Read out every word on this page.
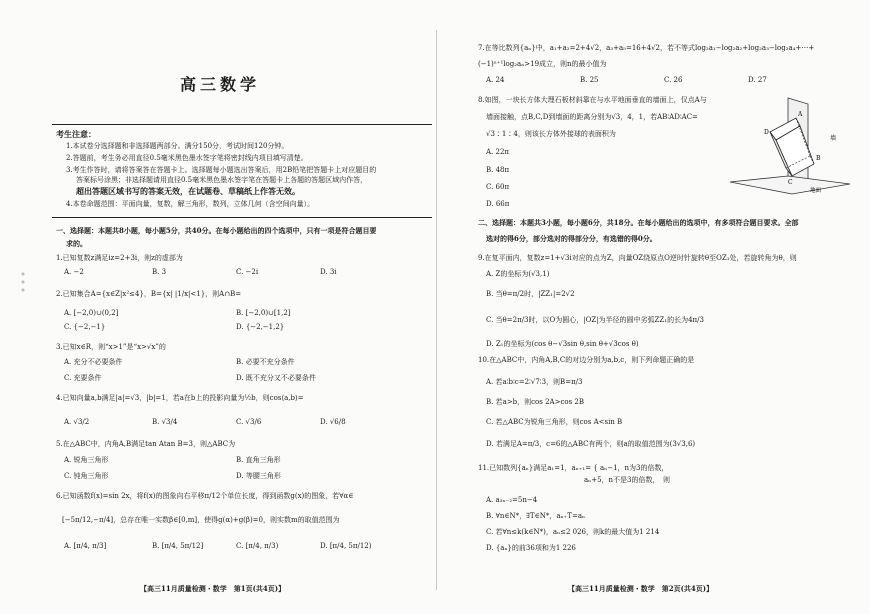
高三数学
考生注意：
1.本试卷分选择题和非选择题两部分。满分150分，考试时间120分钟。
2.答题前，考生务必用直径0.5毫米黑色墨水签字笔将密封线内项目填写清楚。
3.考生作答时，请将答案答在答题卡上。选择题每小题选出答案后，用2B铅笔把答题卡上对应题目的
答案标号涂黑；非选择题请用直径0.5毫米黑色墨水签字笔在答题卡上各题的答题区域内作答，
超出答题区域书写的答案无效，在试题卷、草稿纸上作答无效。
4.本卷命题范围：平面向量，复数，解三角形，数列，立体几何（含空间向量）。
一、选择题：本题共8小题，每小题5分，共40分。在每小题给出的四个选项中，只有一项是符合题目要
求的。
1.已知复数z满足iz=2+3i，则z的虚部为
A. −2	B. 3	C. −2i	D. 3i
2.已知集合A={x∈Z|x²≤4}，B={x| |1/x|<1}，则A∩B=
A. [−2,0)∪(0,2]	B. [−2,0)∪[1,2]
C. {−2,−1}	D. {−2,−1,2}
3.已知x∈R，则“x>1”是“x>√x”的
A. 充分不必要条件	B. 必要不充分条件
C. 充要条件	D. 既不充分又不必要条件
4.已知向量a,b满足|a|=√3，|b|=1，若a在b上的投影向量为½b，则cos⟨a,b⟩=
A. √3/2	B. √3/4	C. √3/6	D. √6/8
5.在△ABC中，内角A,B满足tan Atan B=3，则△ABC为
A. 锐角三角形	B. 直角三角形
C. 钝角三角形	D. 等腰三角形
6.已知函数f(x)=sin 2x，将f(x)的图象向右平移π/12个单位长度，得到函数g(x)的图象，若∀α∈
[−5π/12,−π/4]，总存在唯一实数β∈[0,m]，使得g(α)+g(β)=0，则实数m的取值范围为
A. [π/4, π/3]	B. [π/4, 5π/12]	C. [π/4, π/3)	D. [π/4, 5π/12)
【高三11月质量检测・数学　第1页(共4页)】
7.在等比数列{aₙ}中，a₁+a₂=2+4√2，a₃+a₅=16+4√2，若不等式log₂a₁−log₂a₂+log₂a₃−log₂a₄+⋯+
(−1)ⁿ⁺¹log₂aₙ>19成立，则n的最小值为
A. 24	B. 25	C. 26	D. 27
8.如图，一块长方体大理石板材斜靠在与水平地面垂直的墙面上，仅点A与
墙面接触，点B,C,D到墙面的距离分别为√3，4，1，若AB∶AD∶AC=
√3∶1∶4，则该长方体外接球的表面积为
A. 22π
B. 48π
C. 60π
D. 66π
A
B
C
D
墙
地面
二、选择题：本题共3小题，每小题6分，共18分。在每小题给出的选项中，有多项符合题目要求。全部
选对的得6分，部分选对的得部分分，有选错的得0分。
9.在复平面内，复数z=1+√3i对应的点为Z，向量OZ绕原点O逆时针旋转θ至OZ₁处，若旋转角为θ，则
A. Z的坐标为(√3,1)
B. 当θ=π/2时，|ZZ₁|=2√2
C. 当θ=2π/3时，以O为圆心，|OZ|为半径的圆中劣弧ZZ₁的长为4π/3
D. Z₁的坐标为(cos θ−√3sin θ,sin θ+√3cos θ)
10.在△ABC中，内角A,B,C的对边分别为a,b,c，则下列命题正确的是
A. 若a∶b∶c=2∶√7∶3，则B=π/3
B. 若a>b，则cos 2A>cos 2B
C. 若△ABC为锐角三角形，则cos A<sin B
D. 若满足A=π/3，c=6的△ABC有两个，则a的取值范围为(3√3,6)
11.已知数列{aₙ}满足a₁=1，aₙ₊₁= { aₙ−1，n为3的倍数，
aₙ+5，n不是3的倍数，　则
A. a₃ₙ₋₂=5n−4
B. ∀n∈N*，∃T∈N*，aₙ₊T=aₙ
C. 若∀n≤k(k∈N*)，aₙ≤2 026，则k的最大值为1 214
D. {aₙ}的前36项和为1 226
【高三11月质量检测・数学　第2页(共4页)】
